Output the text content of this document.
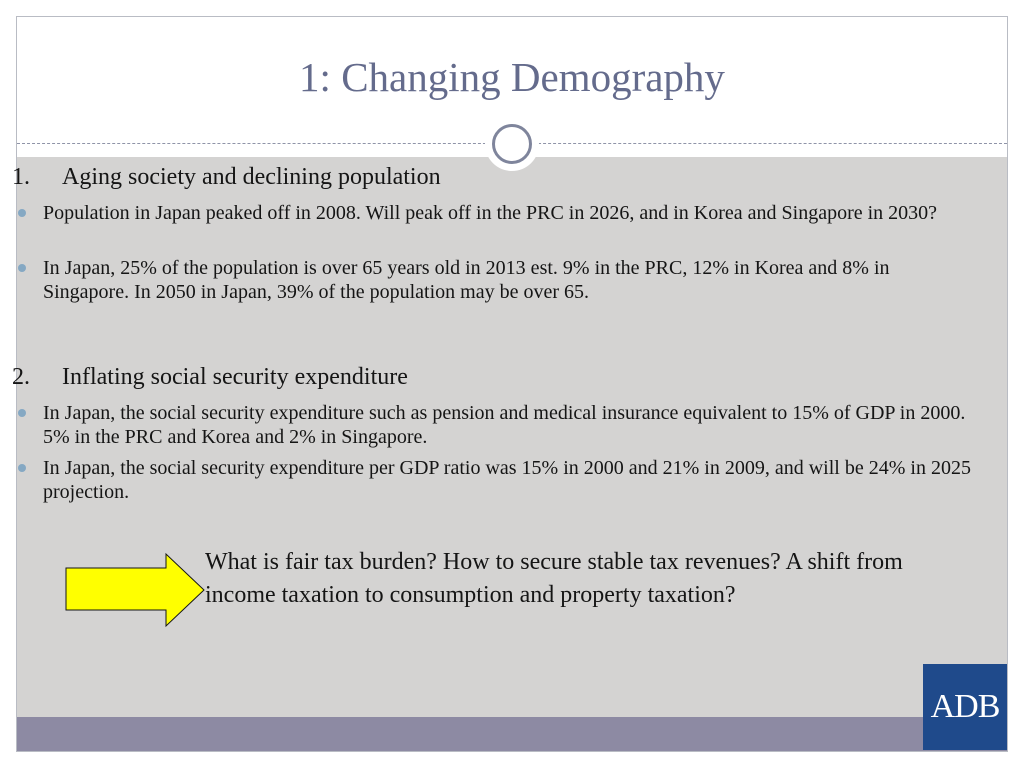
1: Changing Demography
1. Aging society and declining population
Population in Japan peaked off in 2008. Will peak off in the PRC in 2026, and in Korea and Singapore in 2030?
In Japan, 25% of the population is over 65 years old in 2013 est. 9% in the PRC, 12% in Korea and 8% in Singapore. In 2050 in Japan, 39% of the population may be over 65.
2. Inflating social security expenditure
In Japan, the social security expenditure such as pension and medical insurance equivalent to 15% of GDP in 2000. 5% in the PRC and Korea and 2% in Singapore.
In Japan, the social security expenditure per GDP ratio was 15% in 2000 and 21% in 2009, and will be 24% in 2025 projection.
What is fair tax burden? How to secure stable tax revenues? A shift from income taxation to consumption and property taxation?
ADB
